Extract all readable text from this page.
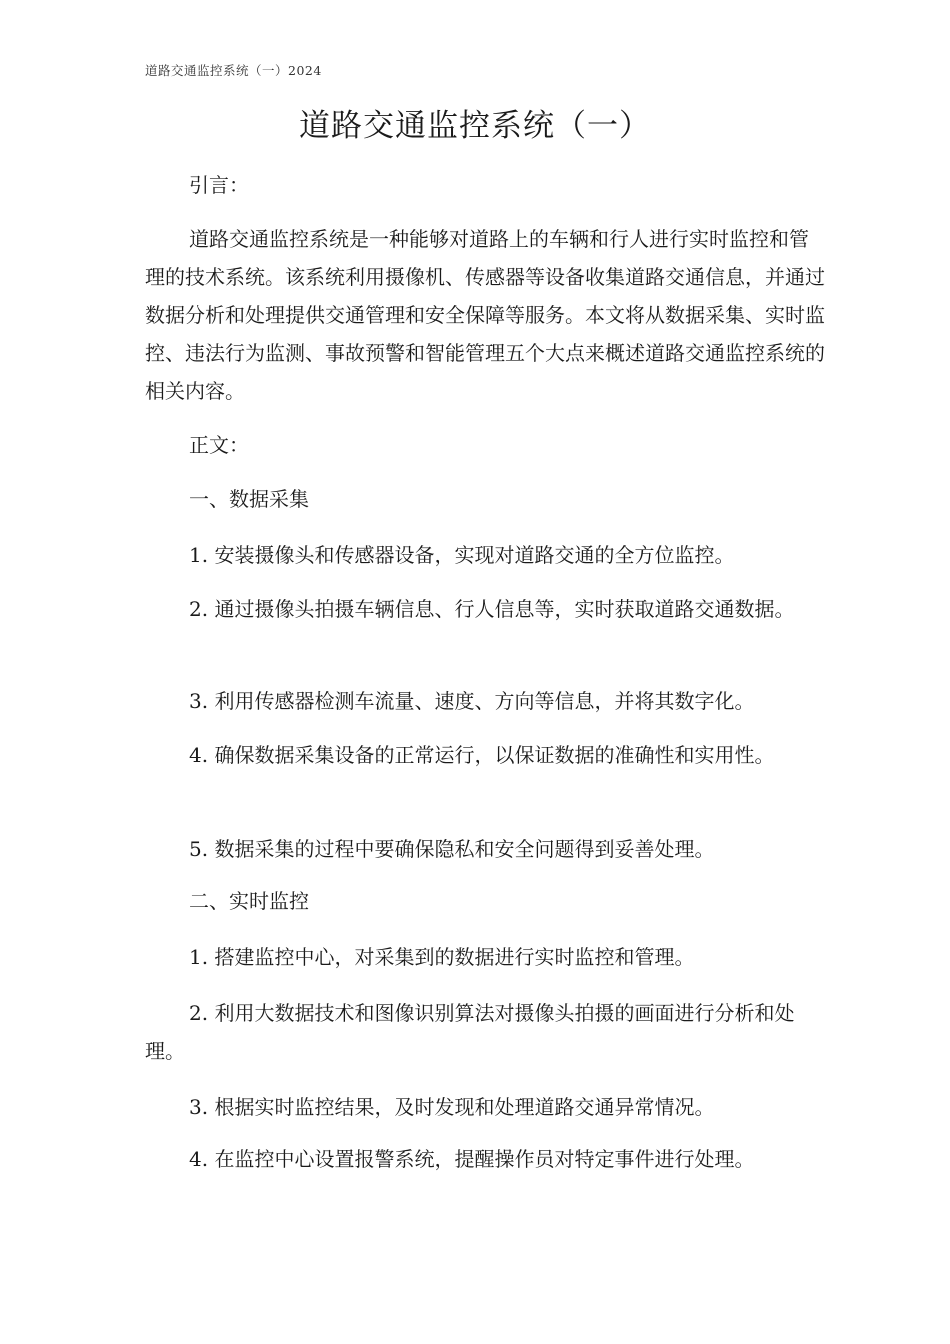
道路交通监控系统（一）2024
道路交通监控系统（一）

引言：

道路交通监控系统是一种能够对道路上的车辆和行人进行实时监控和管理的技术系统。该系统利用摄像机、传感器等设备收集道路交通信息，并通过数据分析和处理提供交通管理和安全保障等服务。本文将从数据采集、实时监控、违法行为监测、事故预警和智能管理五个大点来概述道路交通监控系统的相关内容。

正文：

一、数据采集

1. 安装摄像头和传感器设备，实现对道路交通的全方位监控。

2. 通过摄像头拍摄车辆信息、行人信息等，实时获取道路交通数据。

3. 利用传感器检测车流量、速度、方向等信息，并将其数字化。

4. 确保数据采集设备的正常运行，以保证数据的准确性和实用性。

5. 数据采集的过程中要确保隐私和安全问题得到妥善处理。

二、实时监控

1. 搭建监控中心，对采集到的数据进行实时监控和管理。

2. 利用大数据技术和图像识别算法对摄像头拍摄的画面进行分析和处理。

3. 根据实时监控结果，及时发现和处理道路交通异常情况。

4. 在监控中心设置报警系统，提醒操作员对特定事件进行处理。
